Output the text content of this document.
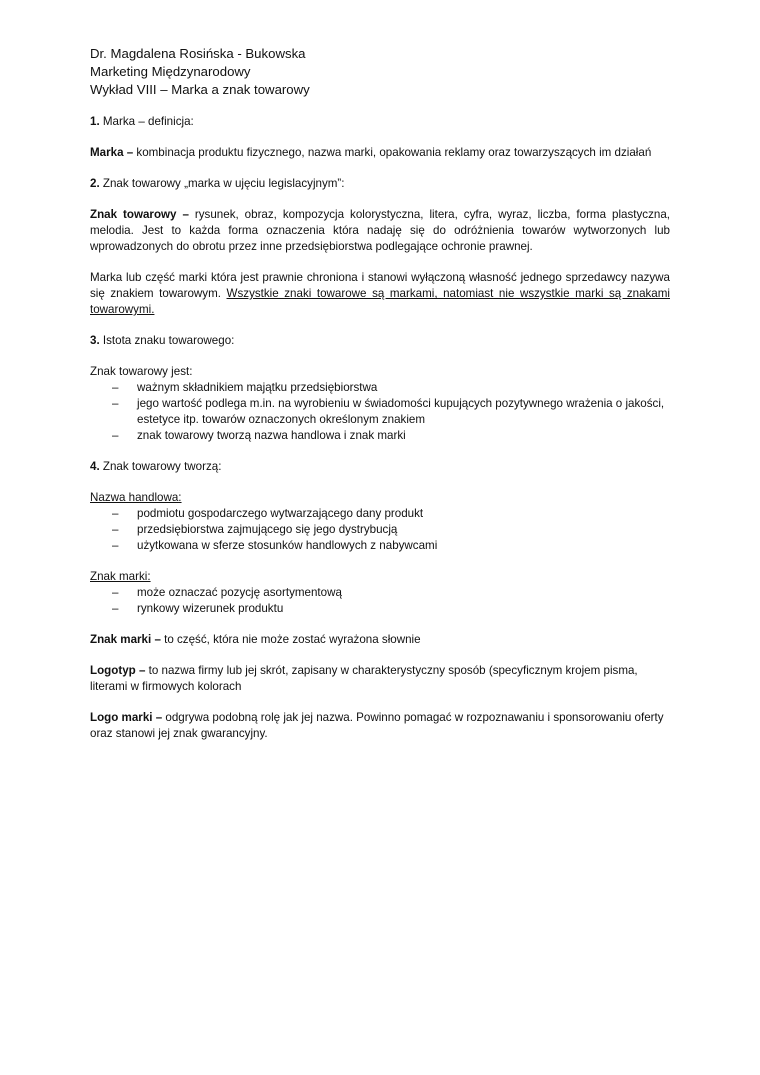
Dr. Magdalena Rosińska - Bukowska

Marketing Międzynarodowy

Wykład VIII – Marka a znak towarowy

1. Marka – definicja:

Marka – kombinacja produktu fizycznego, nazwa marki, opakowania reklamy oraz towarzyszących im działań

2. Znak towarowy „marka w ujęciu legislacyjnym”:

Znak towarowy – rysunek, obraz, kompozycja kolorystyczna, litera, cyfra, wyraz, liczba, forma plastyczna, melodia. Jest to każda forma oznaczenia która nadaję się do odróżnienia towarów wytworzonych lub wprowadzonych do obrotu przez inne przedsiębiorstwa podlegające ochronie prawnej.

Marka lub część marki która jest prawnie chroniona i stanowi wyłączoną własność jednego sprzedawcy nazywa się znakiem towarowym. Wszystkie znaki towarowe są markami, natomiast nie wszystkie marki są znakami towarowymi.

3. Istota znaku towarowego:

Znak towarowy jest:

– ważnym składnikiem majątku przedsiębiorstwa
– jego wartość podlega m.in. na wyrobieniu w świadomości kupujących pozytywnego wrażenia o jakości, estetyce itp. towarów oznaczonych określonym znakiem
– znak towarowy tworzą nazwa handlowa i znak marki

4. Znak towarowy tworzą:

Nazwa handlowa:

– podmiotu gospodarczego wytwarzającego dany produkt
– przedsiębiorstwa zajmującego się jego dystrybucją
– użytkowana w sferze stosunków handlowych z nabywcami

Znak marki:

– może oznaczać pozycję asortymentową
– rynkowy wizerunek produktu

Znak marki – to część, która nie może zostać wyrażona słownie

Logotyp – to nazwa firmy lub jej skrót, zapisany w charakterystyczny sposób (specyficznym krojem pisma, literami w firmowych kolorach

Logo marki – odgrywa podobną rolę jak jej nazwa. Powinno pomagać w rozpoznawaniu i sponsorowaniu oferty oraz stanowi jej znak gwarancyjny.
